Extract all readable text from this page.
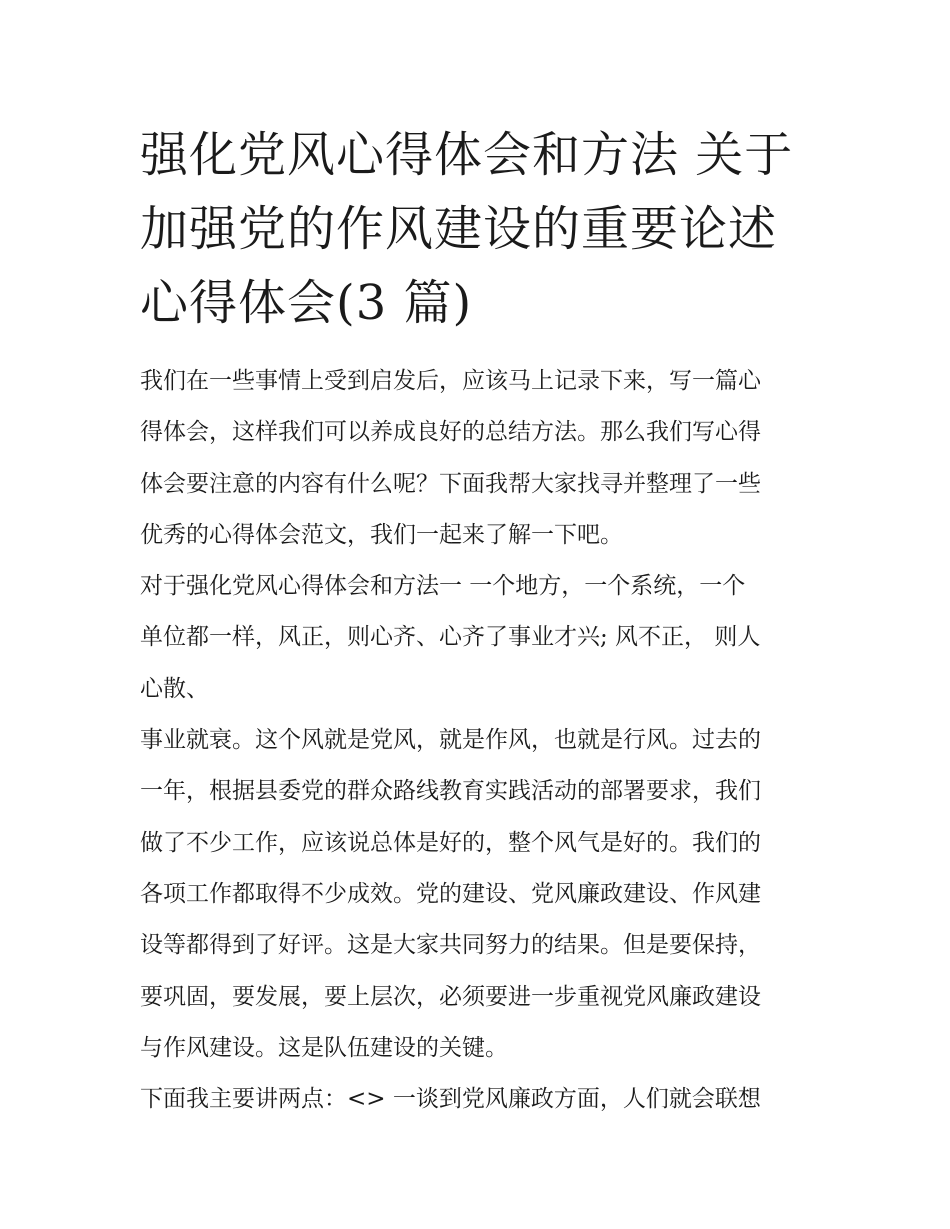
强化党风心得体会和方法 关于
加强党的作风建设的重要论述
心得体会(3 篇)
我们在一些事情上受到启发后，应该马上记录下来，写一篇心
得体会，这样我们可以养成良好的总结方法。那么我们写心得
体会要注意的内容有什么呢？下面我帮大家找寻并整理了一些
优秀的心得体会范文，我们一起来了解一下吧。
对于强化党风心得体会和方法一 一个地方，一个系统，一个
单位都一样，风正，则心齐、心齐了事业才兴; 风不正， 则人
心散、
事业就衰。这个风就是党风，就是作风，也就是行风。过去的
一年，根据县委党的群众路线教育实践活动的部署要求，我们
做了不少工作，应该说总体是好的，整个风气是好的。我们的
各项工作都取得不少成效。党的建设、党风廉政建设、作风建
设等都得到了好评。这是大家共同努力的结果。但是要保持，
要巩固，要发展，要上层次，必须要进一步重视党风廉政建设
与作风建设。这是队伍建设的关键。
下面我主要讲两点：<> 一谈到党风廉政方面，人们就会联想
